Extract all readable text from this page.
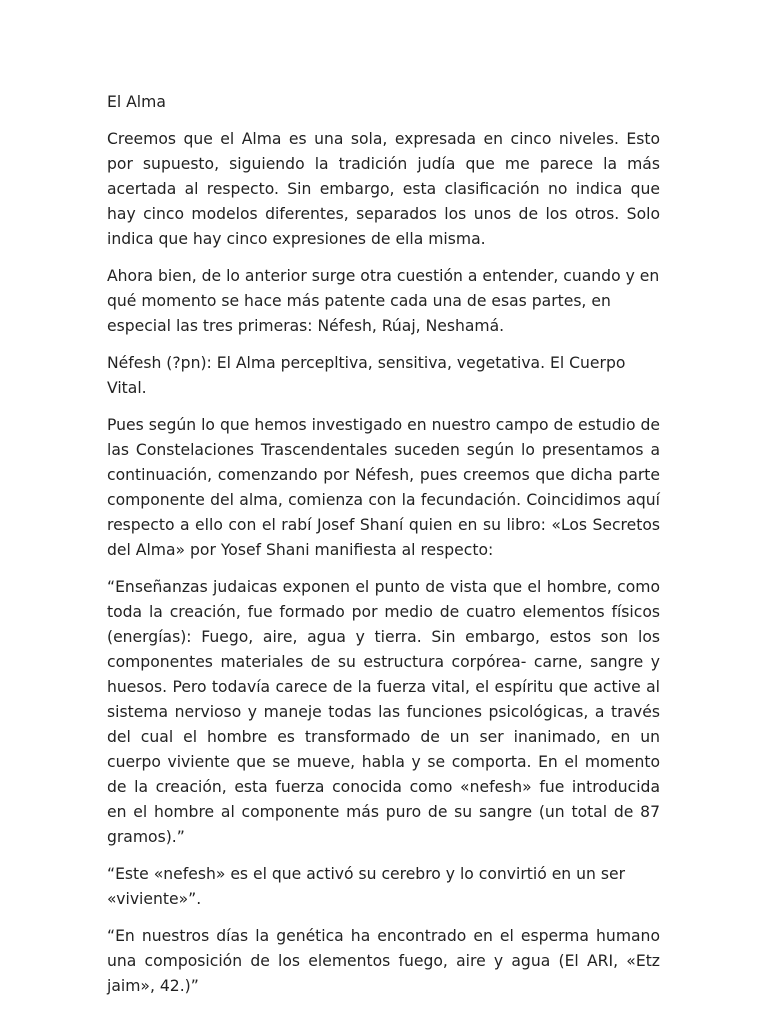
El Alma

Creemos que el Alma es una sola, expresada en cinco niveles. Esto por supuesto, siguiendo la tradición judía que me parece la más acertada al respecto. Sin embargo, esta clasificación no indica que hay cinco modelos diferentes, separados los unos de los otros. Solo indica que hay cinco expresiones de ella misma.

Ahora bien, de lo anterior surge otra cuestión a entender, cuando y en qué momento se hace más patente cada una de esas partes, en especial las tres primeras: Néfesh, Rúaj, Neshamá.

Néfesh (?pn): El Alma percepltiva, sensitiva, vegetativa. El Cuerpo Vital.

Pues según lo que hemos investigado en nuestro campo de estudio de las Constelaciones Trascendentales suceden según lo presentamos a continuación, comenzando por Néfesh, pues creemos que dicha parte componente del alma, comienza con la fecundación. Coincidimos aquí respecto a ello con el rabí Josef Shaní quien en su libro: «Los Secretos del Alma» por Yosef Shani manifiesta al respecto:

“Enseñanzas judaicas exponen el punto de vista que el hombre, como toda la creación, fue formado por medio de cuatro elementos físicos (energías): Fuego, aire, agua y tierra. Sin embargo, estos son los componentes materiales de su estructura corpórea- carne, sangre y huesos. Pero todavía carece de la fuerza vital, el espíritu que active al sistema nervioso y maneje todas las funciones psicológicas, a través del cual el hombre es transformado de un ser inanimado, en un cuerpo viviente que se mueve, habla y se comporta. En el momento de la creación, esta fuerza conocida como «nefesh» fue introducida en el hombre al componente más puro de su sangre (un total de 87 gramos).”

“Este «nefesh» es el que activó su cerebro y lo convirtió en un ser «viviente»”.

“En nuestros días la genética ha encontrado en el esperma humano una composición de los elementos fuego, aire y agua (El ARI, «Etz jaim», 42.)”
